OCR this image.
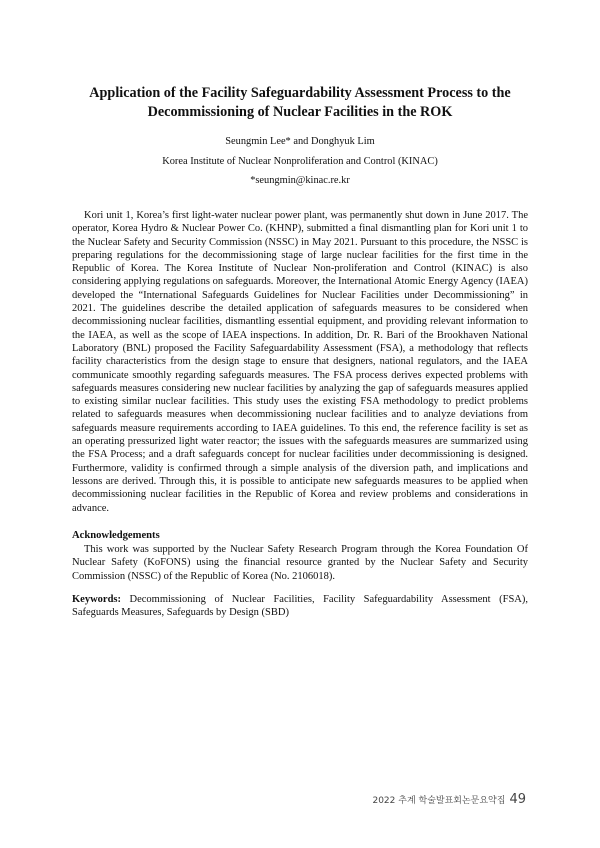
Application of the Facility Safeguardability Assessment Process to the Decommissioning of Nuclear Facilities in the ROK
Seungmin Lee* and Donghyuk Lim
Korea Institute of Nuclear Nonproliferation and Control (KINAC)
*seungmin@kinac.re.kr

Kori unit 1, Korea’s first light-water nuclear power plant, was permanently shut down in June 2017. The operator, Korea Hydro & Nuclear Power Co. (KHNP), submitted a final dismantling plan for Kori unit 1 to the Nuclear Safety and Security Commission (NSSC) in May 2021. Pursuant to this procedure, the NSSC is preparing regulations for the decommissioning stage of large nuclear facilities for the first time in the Republic of Korea. The Korea Institute of Nuclear Non-proliferation and Control (KINAC) is also considering applying regulations on safeguards. Moreover, the International Atomic Energy Agency (IAEA) developed the “International Safeguards Guidelines for Nuclear Facilities under Decommissioning” in 2021. The guidelines describe the detailed application of safeguards measures to be considered when decommissioning nuclear facilities, dismantling essential equipment, and providing relevant information to the IAEA, as well as the scope of IAEA inspections. In addition, Dr. R. Bari of the Brookhaven National Laboratory (BNL) proposed the Facility Safeguardability Assessment (FSA), a methodology that reflects facility characteristics from the design stage to ensure that designers, national regulators, and the IAEA communicate smoothly regarding safeguards measures. The FSA process derives expected problems with safeguards measures considering new nuclear facilities by analyzing the gap of safeguards measures applied to existing similar nuclear facilities. This study uses the existing FSA methodology to predict problems related to safeguards measures when decommissioning nuclear facilities and to analyze deviations from safeguards measure requirements according to IAEA guidelines. To this end, the reference facility is set as an operating pressurized light water reactor; the issues with the safeguards measures are summarized using the FSA Process; and a draft safeguards concept for nuclear facilities under decommissioning is designed. Furthermore, validity is confirmed through a simple analysis of the diversion path, and implications and lessons are derived. Through this, it is possible to anticipate new safeguards measures to be applied when decommissioning nuclear facilities in the Republic of Korea and review problems and considerations in advance.

Acknowledgements

This work was supported by the Nuclear Safety Research Program through the Korea Foundation Of Nuclear Safety (KoFONS) using the financial resource granted by the Nuclear Safety and Security Commission (NSSC) of the Republic of Korea (No. 2106018).

Keywords: Decommissioning of Nuclear Facilities, Facility Safeguardability Assessment (FSA), Safeguards Measures, Safeguards by Design (SBD)

2022 추계 학술발표회논문요약집 49
